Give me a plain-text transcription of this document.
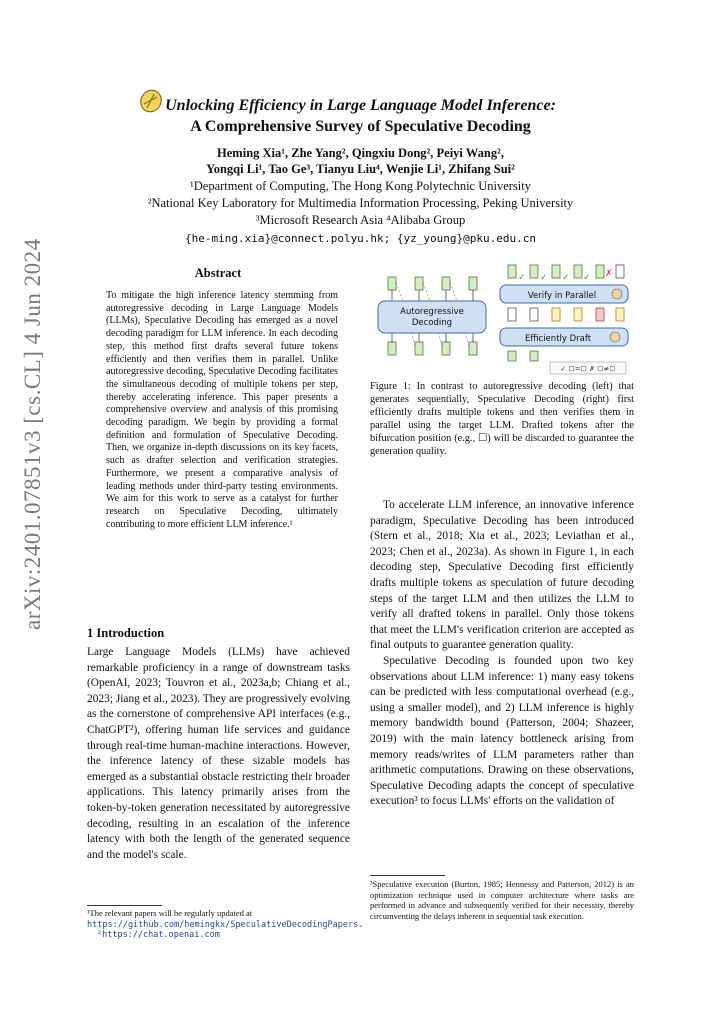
Unlocking Efficiency in Large Language Model Inference:
A Comprehensive Survey of Speculative Decoding
Heming Xia¹, Zhe Yang², Qingxiu Dong², Peiyi Wang²,
Yongqi Li¹, Tao Ge³, Tianyu Liu⁴, Wenjie Li¹, Zhifang Sui²
¹Department of Computing, The Hong Kong Polytechnic University
²National Key Laboratory for Multimedia Information Processing, Peking University
³Microsoft Research Asia ⁴Alibaba Group
{he-ming.xia}@connect.polyu.hk; {yz_young}@pku.edu.cn
arXiv:2401.07851v3 [cs.CL] 4 Jun 2024	Abstract
To mitigate the high inference latency stemming from autoregressive decoding in Large Language Models (LLMs), Speculative Decoding has emerged as a novel decoding paradigm for LLM inference. In each decoding step, this method first drafts several future tokens efficiently and then verifies them in parallel. Unlike autoregressive decoding, Speculative Decoding facilitates the simultaneous decoding of multiple tokens per step, thereby accelerating inference. This paper presents a comprehensive overview and analysis of this promising decoding paradigm. We begin by providing a formal definition and formulation of Speculative Decoding. Then, we organize in-depth discussions on its key facets, such as drafter selection and verification strategies. Furthermore, we present a comparative analysis of leading methods under third-party testing environments. We aim for this work to serve as a catalyst for further research on Speculative Decoding, ultimately contributing to more efficient LLM inference.¹
Autoregressive
Decoding
✓ ✓ ✓ ✓ ✗
Verify in Parallel
Efficiently Draft
✓ ☐=☐ ✗ ☐≠☐
Figure 1: In contrast to autoregressive decoding (left) that generates sequentially, Speculative Decoding (right) first efficiently drafts multiple tokens and then verifies them in parallel using the target LLM. Drafted tokens after the bifurcation position (e.g., ☐) will be discarded to guarantee the generation quality.
1 Introduction
Large Language Models (LLMs) have achieved remarkable proficiency in a range of downstream tasks (OpenAI, 2023; Touvron et al., 2023a,b; Chiang et al., 2023; Jiang et al., 2023). They are progressively evolving as the cornerstone of comprehensive API interfaces (e.g., ChatGPT²), offering human life services and guidance through real-time human-machine interactions. However, the inference latency of these sizable models has emerged as a substantial obstacle restricting their broader applications. This latency primarily arises from the token-by-token generation necessitated by autoregressive decoding, resulting in an escalation of the inference latency with both the length of the generated sequence and the model's scale.

To accelerate LLM inference, an innovative inference paradigm, Speculative Decoding has been introduced (Stern et al., 2018; Xia et al., 2023; Leviathan et al., 2023; Chen et al., 2023a). As shown in Figure 1, in each decoding step, Speculative Decoding first efficiently drafts multiple tokens as speculation of future decoding steps of the target LLM and then utilizes the LLM to verify all drafted tokens in parallel. Only those tokens that meet the LLM's verification criterion are accepted as final outputs to guarantee generation quality.

Speculative Decoding is founded upon two key observations about LLM inference: 1) many easy tokens can be predicted with less computational overhead (e.g., using a smaller model), and 2) LLM inference is highly memory bandwidth bound (Patterson, 2004; Shazeer, 2019) with the main latency bottleneck arising from memory reads/writes of LLM parameters rather than arithmetic computations. Drawing on these observations, Speculative Decoding adapts the concept of speculative execution³ to focus LLMs' efforts on the validation of

¹The relevant papers will be regularly updated at https://github.com/hemingkx/SpeculativeDecodingPapers.
²https://chat.openai.com
³Speculative execution (Burton, 1985; Hennessy and Patterson, 2012) is an optimization technique used in computer architecture where tasks are performed in advance and subsequently verified for their necessity, thereby circumventing the delays inherent in sequential task execution.
